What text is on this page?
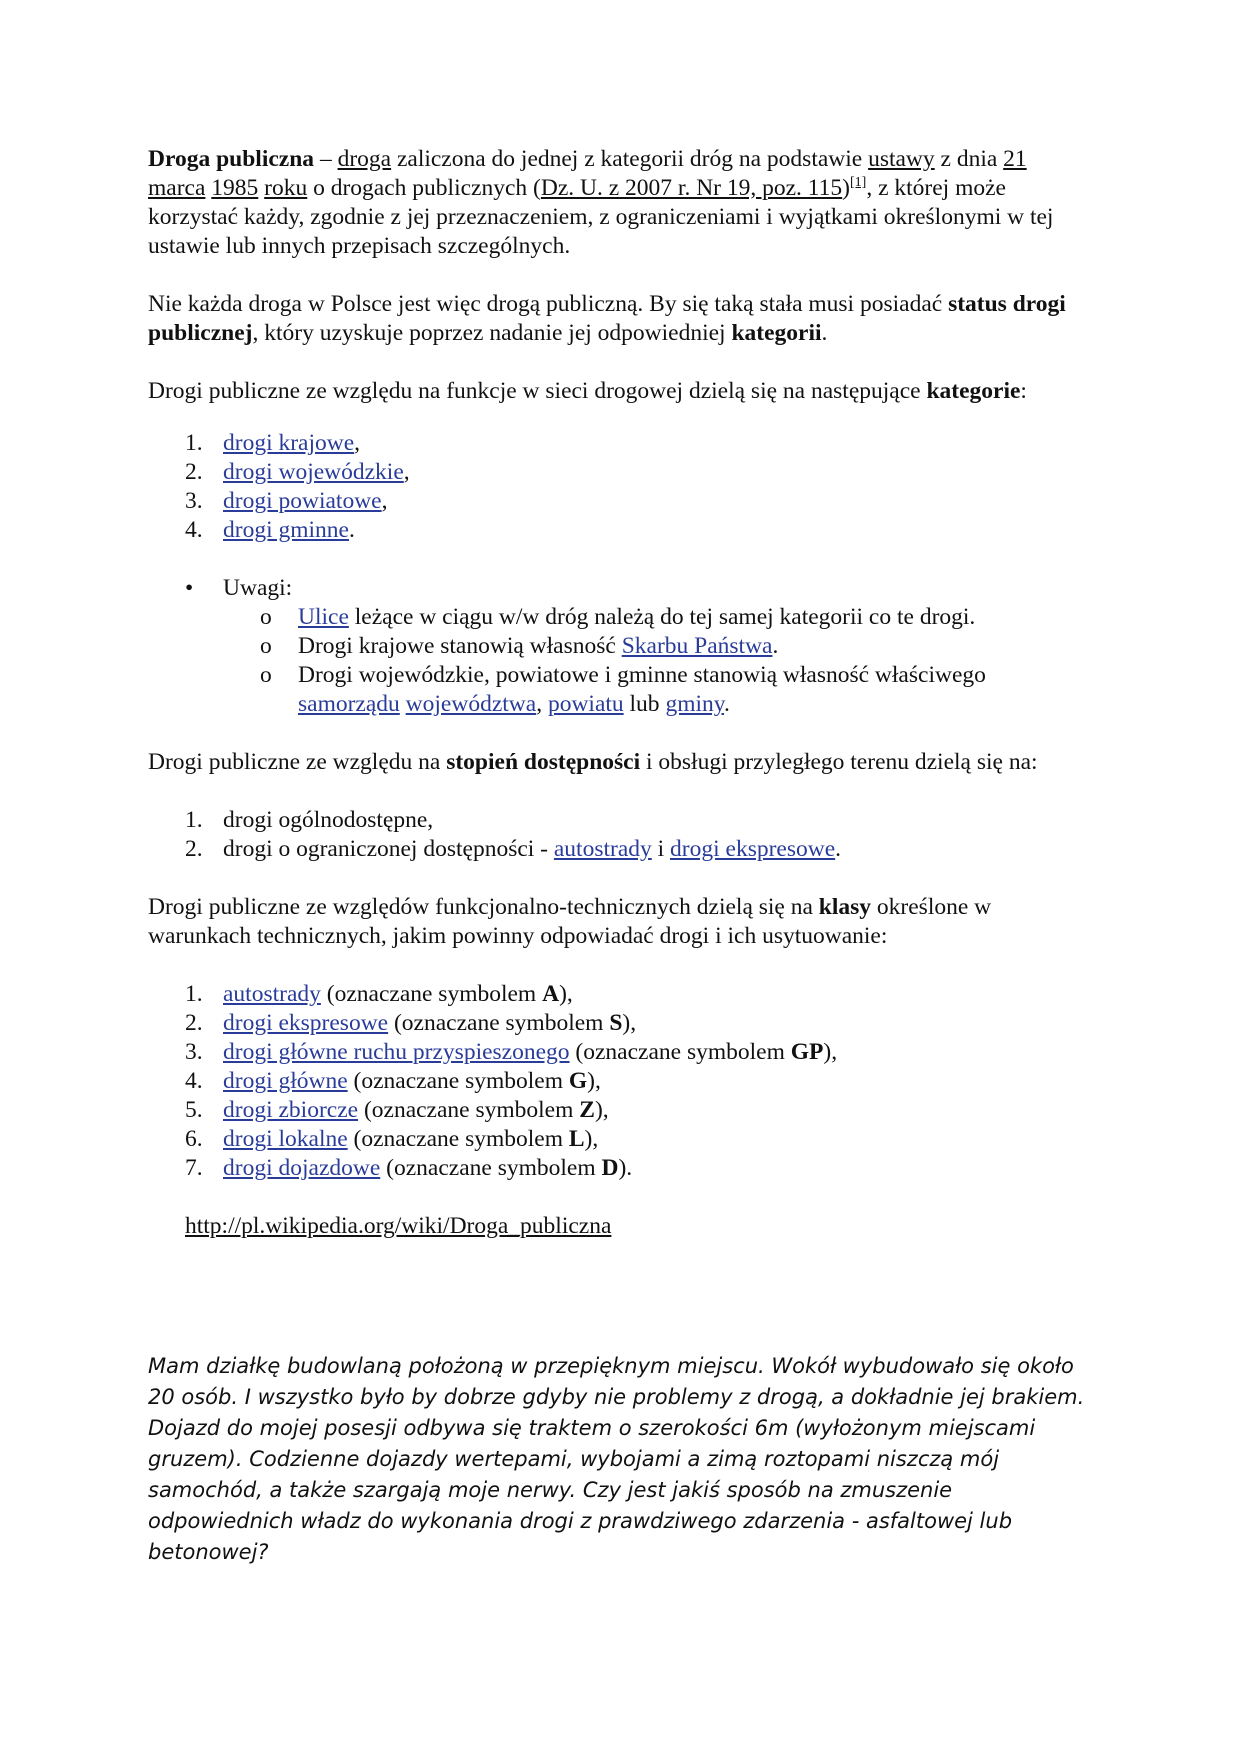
Droga publiczna – droga zaliczona do jednej z kategorii dróg na podstawie ustawy z dnia 21 marca 1985 roku o drogach publicznych (Dz. U. z 2007 r. Nr 19, poz. 115)[1], z której może korzystać każdy, zgodnie z jej przeznaczeniem, z ograniczeniami i wyjątkami określonymi w tej ustawie lub innych przepisach szczególnych.

Nie każda droga w Polsce jest więc drogą publiczną. By się taką stała musi posiadać status drogi publicznej, który uzyskuje poprzez nadanie jej odpowiedniej kategorii.

Drogi publiczne ze względu na funkcje w sieci drogowej dzielą się na następujące kategorie:

drogi krajowe,
drogi wojewódzkie,
drogi powiatowe,
drogi gminne.
• Uwagi:
o Ulice leżące w ciągu w/w dróg należą do tej samej kategorii co te drogi.
o Drogi krajowe stanowią własność Skarbu Państwa.
o Drogi wojewódzkie, powiatowe i gminne stanowią własność właściwego samorządu województwa, powiatu lub gminy.

Drogi publiczne ze względu na stopień dostępności i obsługi przyległego terenu dzielą się na:

drogi ogólnodostępne,
drogi o ograniczonej dostępności - autostrady i drogi ekspresowe.

Drogi publiczne ze względów funkcjonalno-technicznych dzielą się na klasy określone w warunkach technicznych, jakim powinny odpowiadać drogi i ich usytuowanie:

autostrady (oznaczane symbolem A),
drogi ekspresowe (oznaczane symbolem S),
drogi główne ruchu przyspieszonego (oznaczane symbolem GP),
drogi główne (oznaczane symbolem G),
drogi zbiorcze (oznaczane symbolem Z),
drogi lokalne (oznaczane symbolem L),
drogi dojazdowe (oznaczane symbolem D).

http://pl.wikipedia.org/wiki/Droga_publiczna

Mam działkę budowlaną położoną w przepięknym miejscu. Wokół wybudowało się około 20 osób. I wszystko było by dobrze gdyby nie problemy z drogą, a dokładnie jej brakiem. Dojazd do mojej posesji odbywa się traktem o szerokości 6m (wyłożonym miejscami gruzem). Codzienne dojazdy wertepami, wybojami a zimą roztopami niszczą mój samochód, a także szargają moje nerwy. Czy jest jakiś sposób na zmuszenie odpowiednich władz do wykonania drogi z prawdziwego zdarzenia - asfaltowej lub betonowej?
